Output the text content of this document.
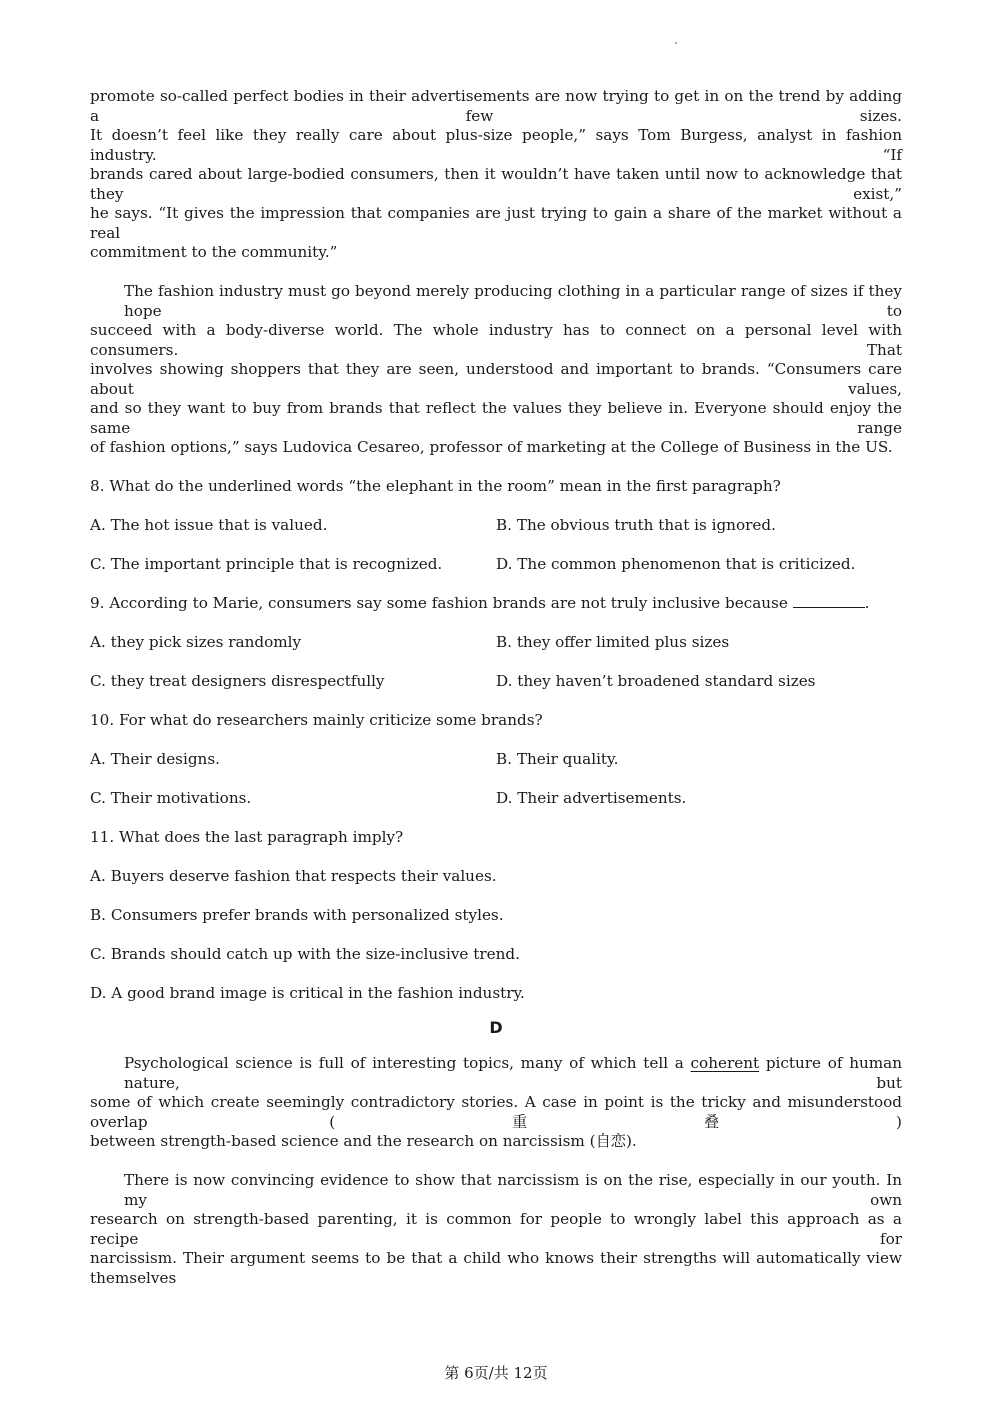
promote so-called perfect bodies in their advertisements are now trying to get in on the trend by adding a few sizes.
It doesn’t feel like they really care about plus-size people,” says Tom Burgess, analyst in fashion industry. “If
brands cared about large-bodied consumers, then it wouldn’t have taken until now to acknowledge that they exist,”
he says. “It gives the impression that companies are just trying to gain a share of the market without a real
commitment to the community.”
The fashion industry must go beyond merely producing clothing in a particular range of sizes if they hope to
succeed with a body-diverse world. The whole industry has to connect on a personal level with consumers. That
involves showing shoppers that they are seen, understood and important to brands. “Consumers care about values,
and so they want to buy from brands that reflect the values they believe in. Everyone should enjoy the same range
of fashion options,” says Ludovica Cesareo, professor of marketing at the College of Business in the US.
8. What do the underlined words “the elephant in the room” mean in the first paragraph?
A. The hot issue that is valued.	B. The obvious truth that is ignored.
C. The important principle that is recognized.	D. The common phenomenon that is criticized.
9. According to Marie, consumers say some fashion brands are not truly inclusive because	.
A. they pick sizes randomly	B. they offer limited plus sizes
C. they treat designers disrespectfully	D. they haven’t broadened standard sizes
10. For what do researchers mainly criticize some brands?
A. Their designs.	B. Their quality.
C. Their motivations.	D. Their advertisements.
11. What does the last paragraph imply?
A. Buyers deserve fashion that respects their values.
B. Consumers prefer brands with personalized styles.
C. Brands should catch up with the size-inclusive trend.
D. A good brand image is critical in the fashion industry.
D
Psychological science is full of interesting topics, many of which tell a coherent picture of human nature, but
some of which create seemingly contradictory stories. A case in point is the tricky and misunderstood overlap (重叠)
between strength-based science and the research on narcissism (自恋).
There is now convincing evidence to show that narcissism is on the rise, especially in our youth. In my own
research on strength-based parenting, it is common for people to wrongly label this approach as a recipe for
narcissism. Their argument seems to be that a child who knows their strengths will automatically view themselves
第 6页/共 12页
